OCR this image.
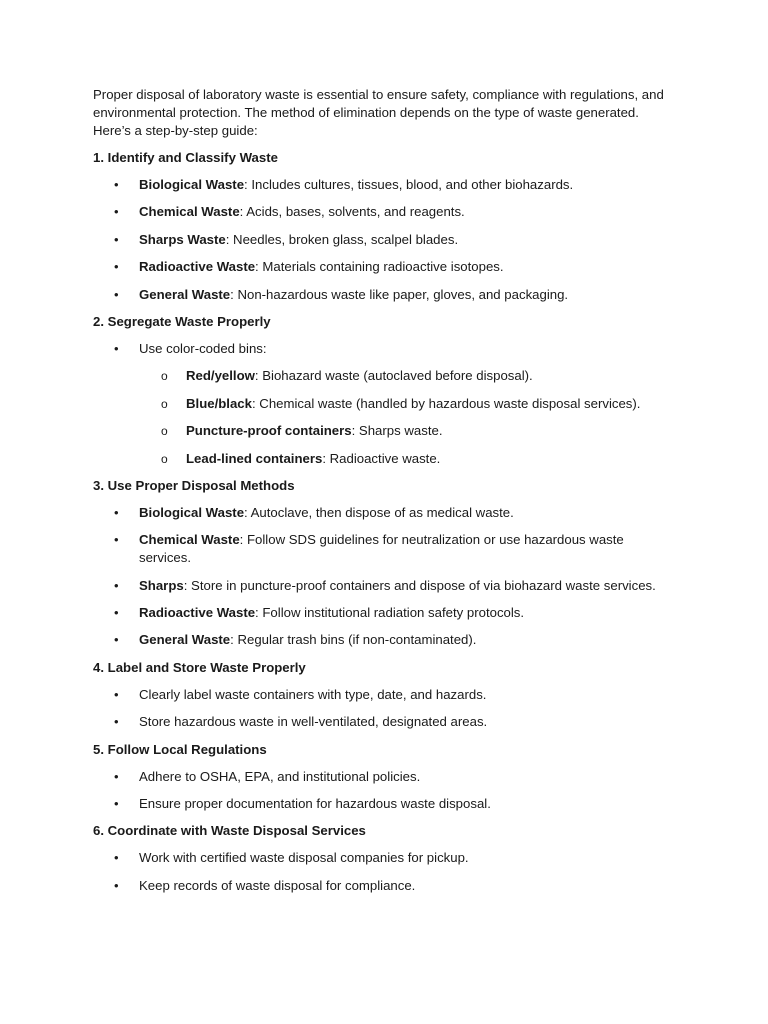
Proper disposal of laboratory waste is essential to ensure safety, compliance with regulations, and environmental protection. The method of elimination depends on the type of waste generated. Here’s a step-by-step guide:

1. Identify and Classify Waste

•	Biological Waste: Includes cultures, tissues, blood, and other biohazards.
•	Chemical Waste: Acids, bases, solvents, and reagents.
•	Sharps Waste: Needles, broken glass, scalpel blades.
•	Radioactive Waste: Materials containing radioactive isotopes.
•	General Waste: Non-hazardous waste like paper, gloves, and packaging.

2. Segregate Waste Properly

•	Use color-coded bins:
o Red/yellow: Biohazard waste (autoclaved before disposal).
o Blue/black: Chemical waste (handled by hazardous waste disposal services).
o Puncture-proof containers: Sharps waste.
o Lead-lined containers: Radioactive waste.

3. Use Proper Disposal Methods

•	Biological Waste: Autoclave, then dispose of as medical waste.
•	Chemical Waste: Follow SDS guidelines for neutralization or use hazardous waste services.
•	Sharps: Store in puncture-proof containers and dispose of via biohazard waste services.
•	Radioactive Waste: Follow institutional radiation safety protocols.
•	General Waste: Regular trash bins (if non-contaminated).

4. Label and Store Waste Properly

•	Clearly label waste containers with type, date, and hazards.
•	Store hazardous waste in well-ventilated, designated areas.

5. Follow Local Regulations

•	Adhere to OSHA, EPA, and institutional policies.
•	Ensure proper documentation for hazardous waste disposal.

6. Coordinate with Waste Disposal Services

•	Work with certified waste disposal companies for pickup.
•	Keep records of waste disposal for compliance.
